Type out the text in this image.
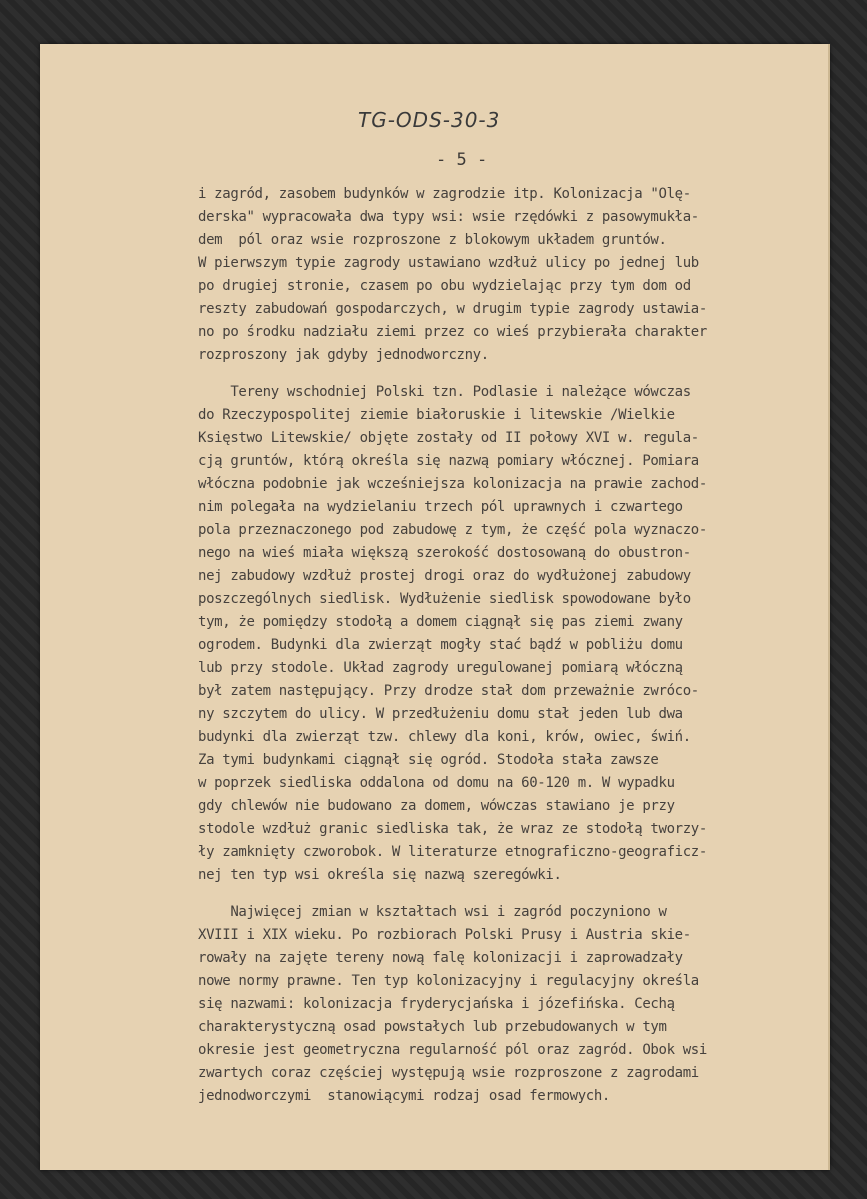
TG-ODS-30-3
- 5 -
i zagród, zasobem budynków w zagrodzie itp. Kolonizacja "Olę-
derska" wypracowała dwa typy wsi: wsie rzędówki z pasowymukła-
dem  pól oraz wsie rozproszone z blokowym układem gruntów.
W pierwszym typie zagrody ustawiano wzdłuż ulicy po jednej lub
po drugiej stronie, czasem po obu wydzielając przy tym dom od
reszty zabudowań gospodarczych, w drugim typie zagrody ustawia-
no po środku nadziału ziemi przez co wieś przybierała charakter
rozproszony jak gdyby jednodworczny.
Tereny wschodniej Polski tzn. Podlasie i należące wówczas
do Rzeczypospolitej ziemie białoruskie i litewskie /Wielkie
Księstwo Litewskie/ objęte zostały od II połowy XVI w. regula-
cją gruntów, którą określa się nazwą pomiary włócznej. Pomiara
włóczna podobnie jak wcześniejsza kolonizacja na prawie zachod-
nim polegała na wydzielaniu trzech pól uprawnych i czwartego
pola przeznaczonego pod zabudowę z tym, że część pola wyznaczo-
nego na wieś miała większą szerokość dostosowaną do obustron-
nej zabudowy wzdłuż prostej drogi oraz do wydłużonej zabudowy
poszczególnych siedlisk. Wydłużenie siedlisk spowodowane było
tym, że pomiędzy stodołą a domem ciągnął się pas ziemi zwany
ogrodem. Budynki dla zwierząt mogły stać bądź w pobliżu domu
lub przy stodole. Układ zagrody uregulowanej pomiarą włóczną
był zatem następujący. Przy drodze stał dom przeważnie zwróco-
ny szczytem do ulicy. W przedłużeniu domu stał jeden lub dwa
budynki dla zwierząt tzw. chlewy dla koni, krów, owiec, świń.
Za tymi budynkami ciągnął się ogród. Stodoła stała zawsze
w poprzek siedliska oddalona od domu na 60-120 m. W wypadku
gdy chlewów nie budowano za domem, wówczas stawiano je przy
stodole wzdłuż granic siedliska tak, że wraz ze stodołą tworzy-
ły zamknięty czworobok. W literaturze etnograficzno-geograficz-
nej ten typ wsi określa się nazwą szeregówki.
Najwięcej zmian w kształtach wsi i zagród poczyniono w
XVIII i XIX wieku. Po rozbiorach Polski Prusy i Austria skie-
rowały na zajęte tereny nową falę kolonizacji i zaprowadzały
nowe normy prawne. Ten typ kolonizacyjny i regulacyjny określa
się nazwami: kolonizacja fryderycjańska i józefińska. Cechą
charakterystyczną osad powstałych lub przebudowanych w tym
okresie jest geometryczna regularność pól oraz zagród. Obok wsi
zwartych coraz częściej występują wsie rozproszone z zagrodami
jednodworczymi  stanowiącymi rodzaj osad fermowych.
